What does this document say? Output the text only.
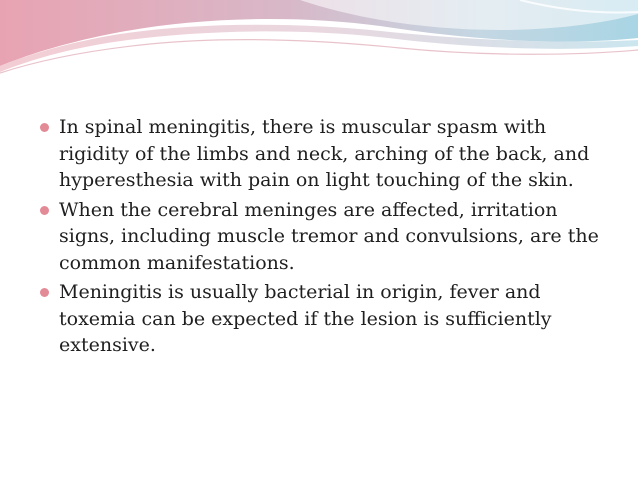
In spinal meningitis, there is muscular spasm with rigidity of the limbs and neck, arching of the back, and hyperesthesia with pain on light touching of the skin.
When the cerebral meninges are affected, irritation signs, including muscle tremor and convulsions, are the common manifestations.
Meningitis is usually bacterial in origin, fever and toxemia can be expected if the lesion is sufficiently extensive.
